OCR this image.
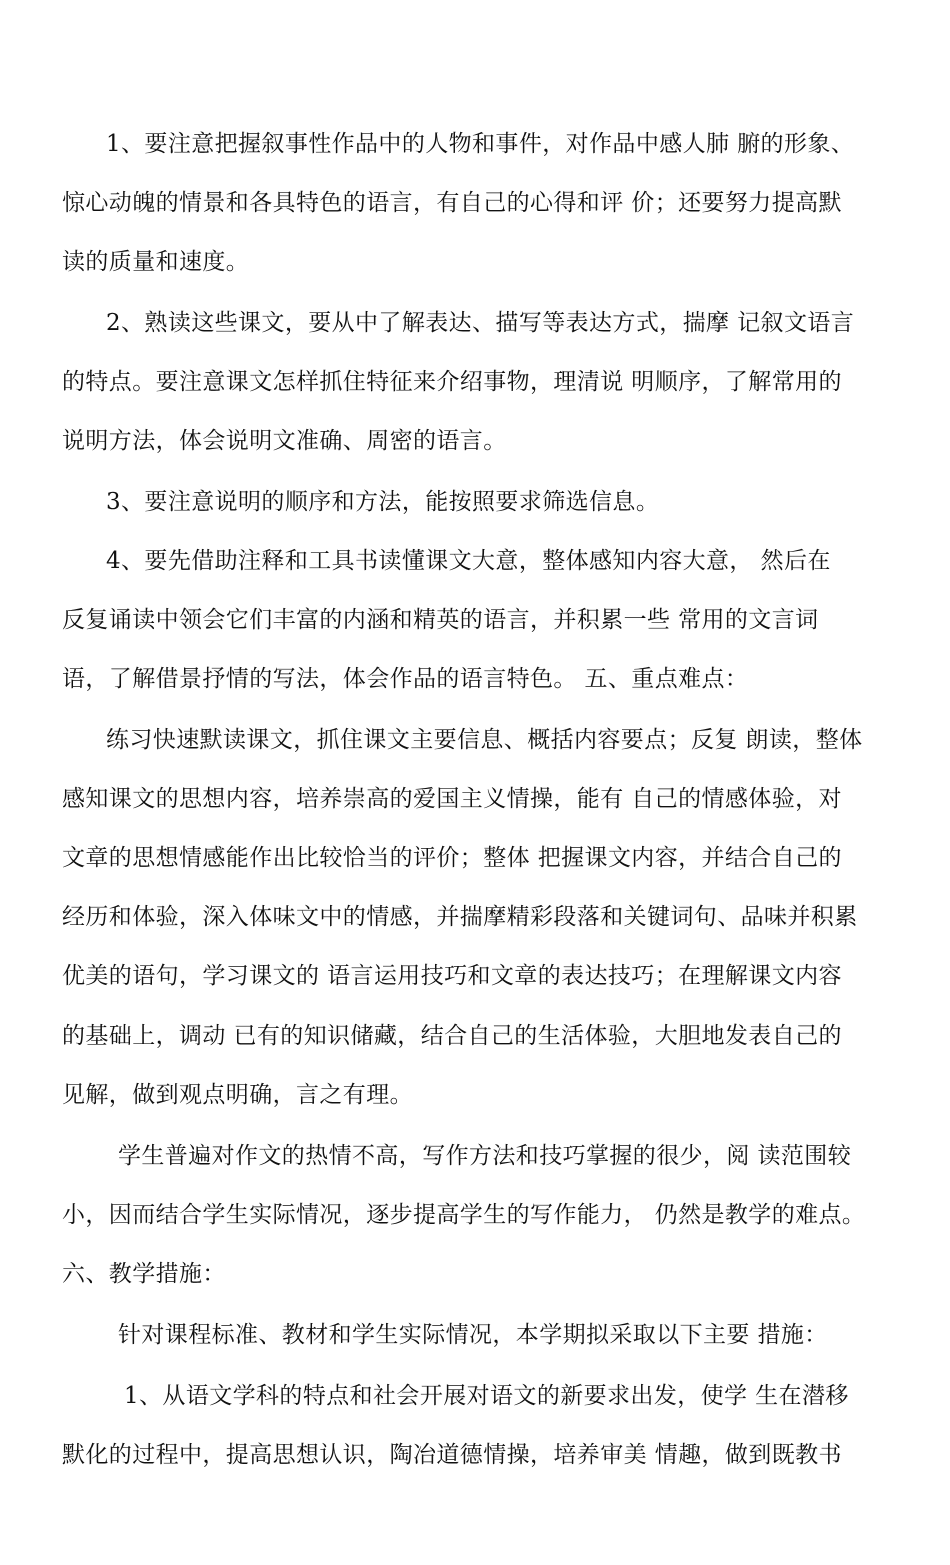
1、要注意把握叙事性作品中的人物和事件，对作品中感人肺 腑的形象、
惊心动魄的情景和各具特色的语言，有自己的心得和评 价；还要努力提高默
读的质量和速度。
2、熟读这些课文，要从中了解表达、描写等表达方式，揣摩 记叙文语言
的特点。要注意课文怎样抓住特征来介绍事物，理清说 明顺序，了解常用的
说明方法，体会说明文准确、周密的语言。
3、要注意说明的顺序和方法，能按照要求筛选信息。
4、要先借助注释和工具书读懂课文大意，整体感知内容大意， 然后在
反复诵读中领会它们丰富的内涵和精英的语言，并积累一些 常用的文言词
语，了解借景抒情的写法，体会作品的语言特色。 五、重点难点：
练习快速默读课文，抓住课文主要信息、概括内容要点；反复 朗读，整体
感知课文的思想内容，培养崇高的爱国主义情操，能有 自己的情感体验，对
文章的思想情感能作出比较恰当的评价；整体 把握课文内容，并结合自己的
经历和体验，深入体味文中的情感，并揣摩精彩段落和关键词句、品味并积累
优美的语句，学习课文的 语言运用技巧和文章的表达技巧；在理解课文内容
的基础上，调动 已有的知识储藏，结合自己的生活体验，大胆地发表自己的
见解，做到观点明确，言之有理。
学生普遍对作文的热情不高，写作方法和技巧掌握的很少，阅 读范围较
小，因而结合学生实际情况，逐步提高学生的写作能力， 仍然是教学的难点。
六、教学措施：
针对课程标准、教材和学生实际情况，本学期拟采取以下主要 措施：
1、从语文学科的特点和社会开展对语文的新要求出发，使学 生在潜移
默化的过程中，提高思想认识，陶冶道德情操，培养审美 情趣，做到既教书
